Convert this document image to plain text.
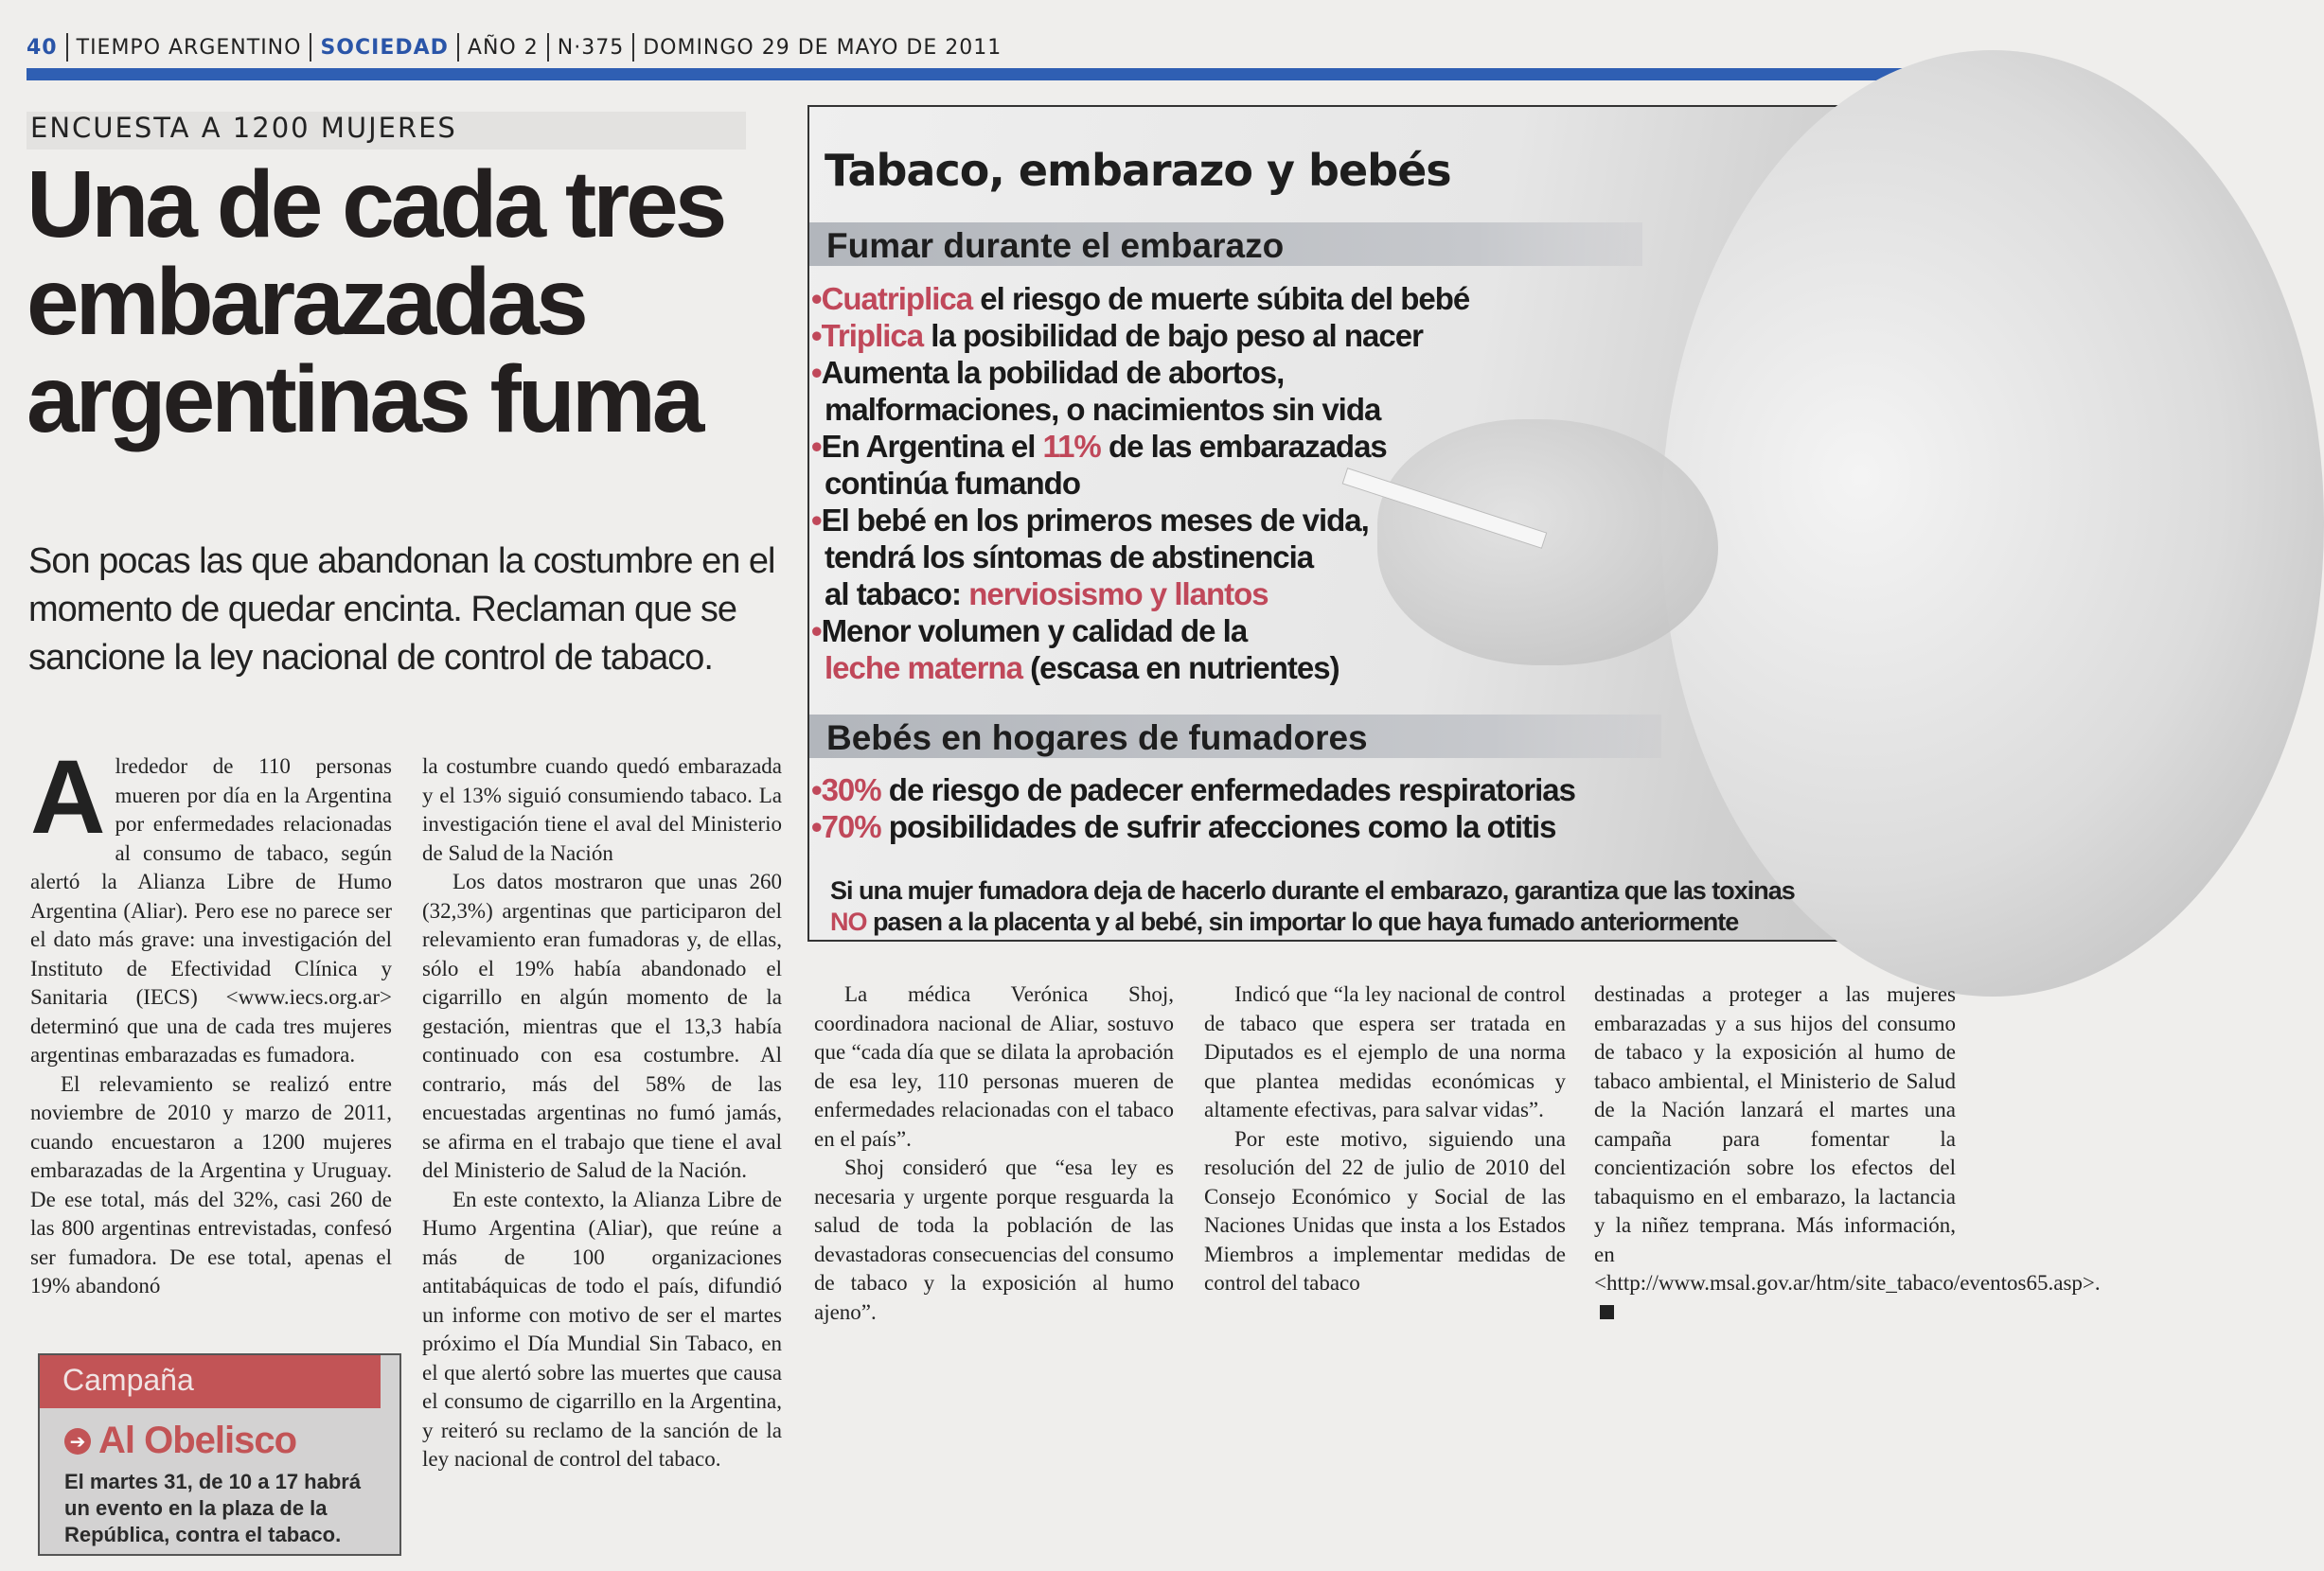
40 TIEMPO ARGENTINO SOCIEDAD AÑO 2 N·375 DOMINGO 29 DE MAYO DE 2011
ENCUESTA A 1200 MUJERES
Una de cada tres embarazadas argentinas fuma

Son pocas las que abandonan la costumbre en el momento de quedar encinta. Reclaman que se sancione la ley nacional de control de tabaco.

A lrededor de 110 personas mueren por día en la Argentina por enfermedades relacionadas al consumo de tabaco, según alertó la Alianza Libre de Humo Argentina (Aliar). Pero ese no parece ser el dato más grave: una investigación del Instituto de Efectividad Clínica y Sanitaria (IECS) <www.iecs.org.ar> determinó que una de cada tres mujeres argentinas embarazadas es fumadora.

El relevamiento se realizó entre noviembre de 2010 y marzo de 2011, cuando encuestaron a 1200 mujeres embarazadas de la Argentina y Uruguay. De ese total, más del 32%, casi 260 de las 800 argentinas entrevistadas, confesó ser fumadora. De ese total, apenas el 19% abandonó

Campaña
➔ Al Obelisco
El martes 31, de 10 a 17 habrá un evento en la plaza de la República, contra el tabaco.

la costumbre cuando quedó embarazada y el 13% siguió consumiendo tabaco. La investigación tiene el aval del Ministerio de Salud de la Nación

Los datos mostraron que unas 260 (32,3%) argentinas que participaron del relevamiento eran fumadoras y, de ellas, sólo el 19% había abandonado el cigarrillo en algún momento de la gestación, mientras que el 13,3 había continuado con esa costumbre. Al contrario, más del 58% de las encuestadas argentinas no fumó jamás, se afirma en el trabajo que tiene el aval del Ministerio de Salud de la Nación.

En este contexto, la Alianza Libre de Humo Argentina (Aliar), que reúne a más de 100 organizaciones antitabáquicas de todo el país, difundió un informe con motivo de ser el martes próximo el Día Mundial Sin Tabaco, en el que alertó sobre las muertes que causa el consumo de cigarrillo en la Argentina, y reiteró su reclamo de la sanción de la ley nacional de control del tabaco.

Tabaco, embarazo y bebés
Fumar durante el embarazo
•Cuatriplica el riesgo de muerte súbita del bebé
•Triplica la posibilidad de bajo peso al nacer
•Aumenta la pobilidad de abortos,
malformaciones, o nacimientos sin vida
•En Argentina el 11% de las embarazadas
continúa fumando
•El bebé en los primeros meses de vida,
tendrá los síntomas de abstinencia
al tabaco: nerviosismo y llantos
•Menor volumen y calidad de la
leche materna (escasa en nutrientes)
Bebés en hogares de fumadores
•30% de riesgo de padecer enfermedades respiratorias
•70% posibilidades de sufrir afecciones como la otitis
Si una mujer fumadora deja de hacerlo durante el embarazo, garantiza que las toxinas
NO pasen a la placenta y al bebé, sin importar lo que haya fumado anteriormente

La médica Verónica Shoj, coordinadora nacional de Aliar, sostuvo que “cada día que se dilata la aprobación de esa ley, 110 personas mueren de enfermedades relacionadas con el tabaco en el país”.

Shoj consideró que “esa ley es necesaria y urgente porque resguarda la salud de toda la población de las devastadoras consecuencias del consumo de tabaco y la exposición al humo ajeno”.

Indicó que “la ley nacional de control de tabaco que espera ser tratada en Diputados es el ejemplo de una norma que plantea medidas económicas y altamente efectivas, para salvar vidas”.

Por este motivo, siguiendo una resolución del 22 de julio de 2010 del Consejo Económico y Social de las Naciones Unidas que insta a los Estados Miembros a implementar medidas de control del tabaco

destinadas a proteger a las mujeres embarazadas y a sus hijos del consumo de tabaco y la exposición al humo de tabaco ambiental, el Ministerio de Salud de la Nación lanzará el martes una campaña para fomentar la concientización sobre los efectos del tabaquismo en el embarazo, la lactancia y la niñez temprana. Más información, en <http://www.msal.gov.ar/htm/site_tabaco/eventos65.asp>.
